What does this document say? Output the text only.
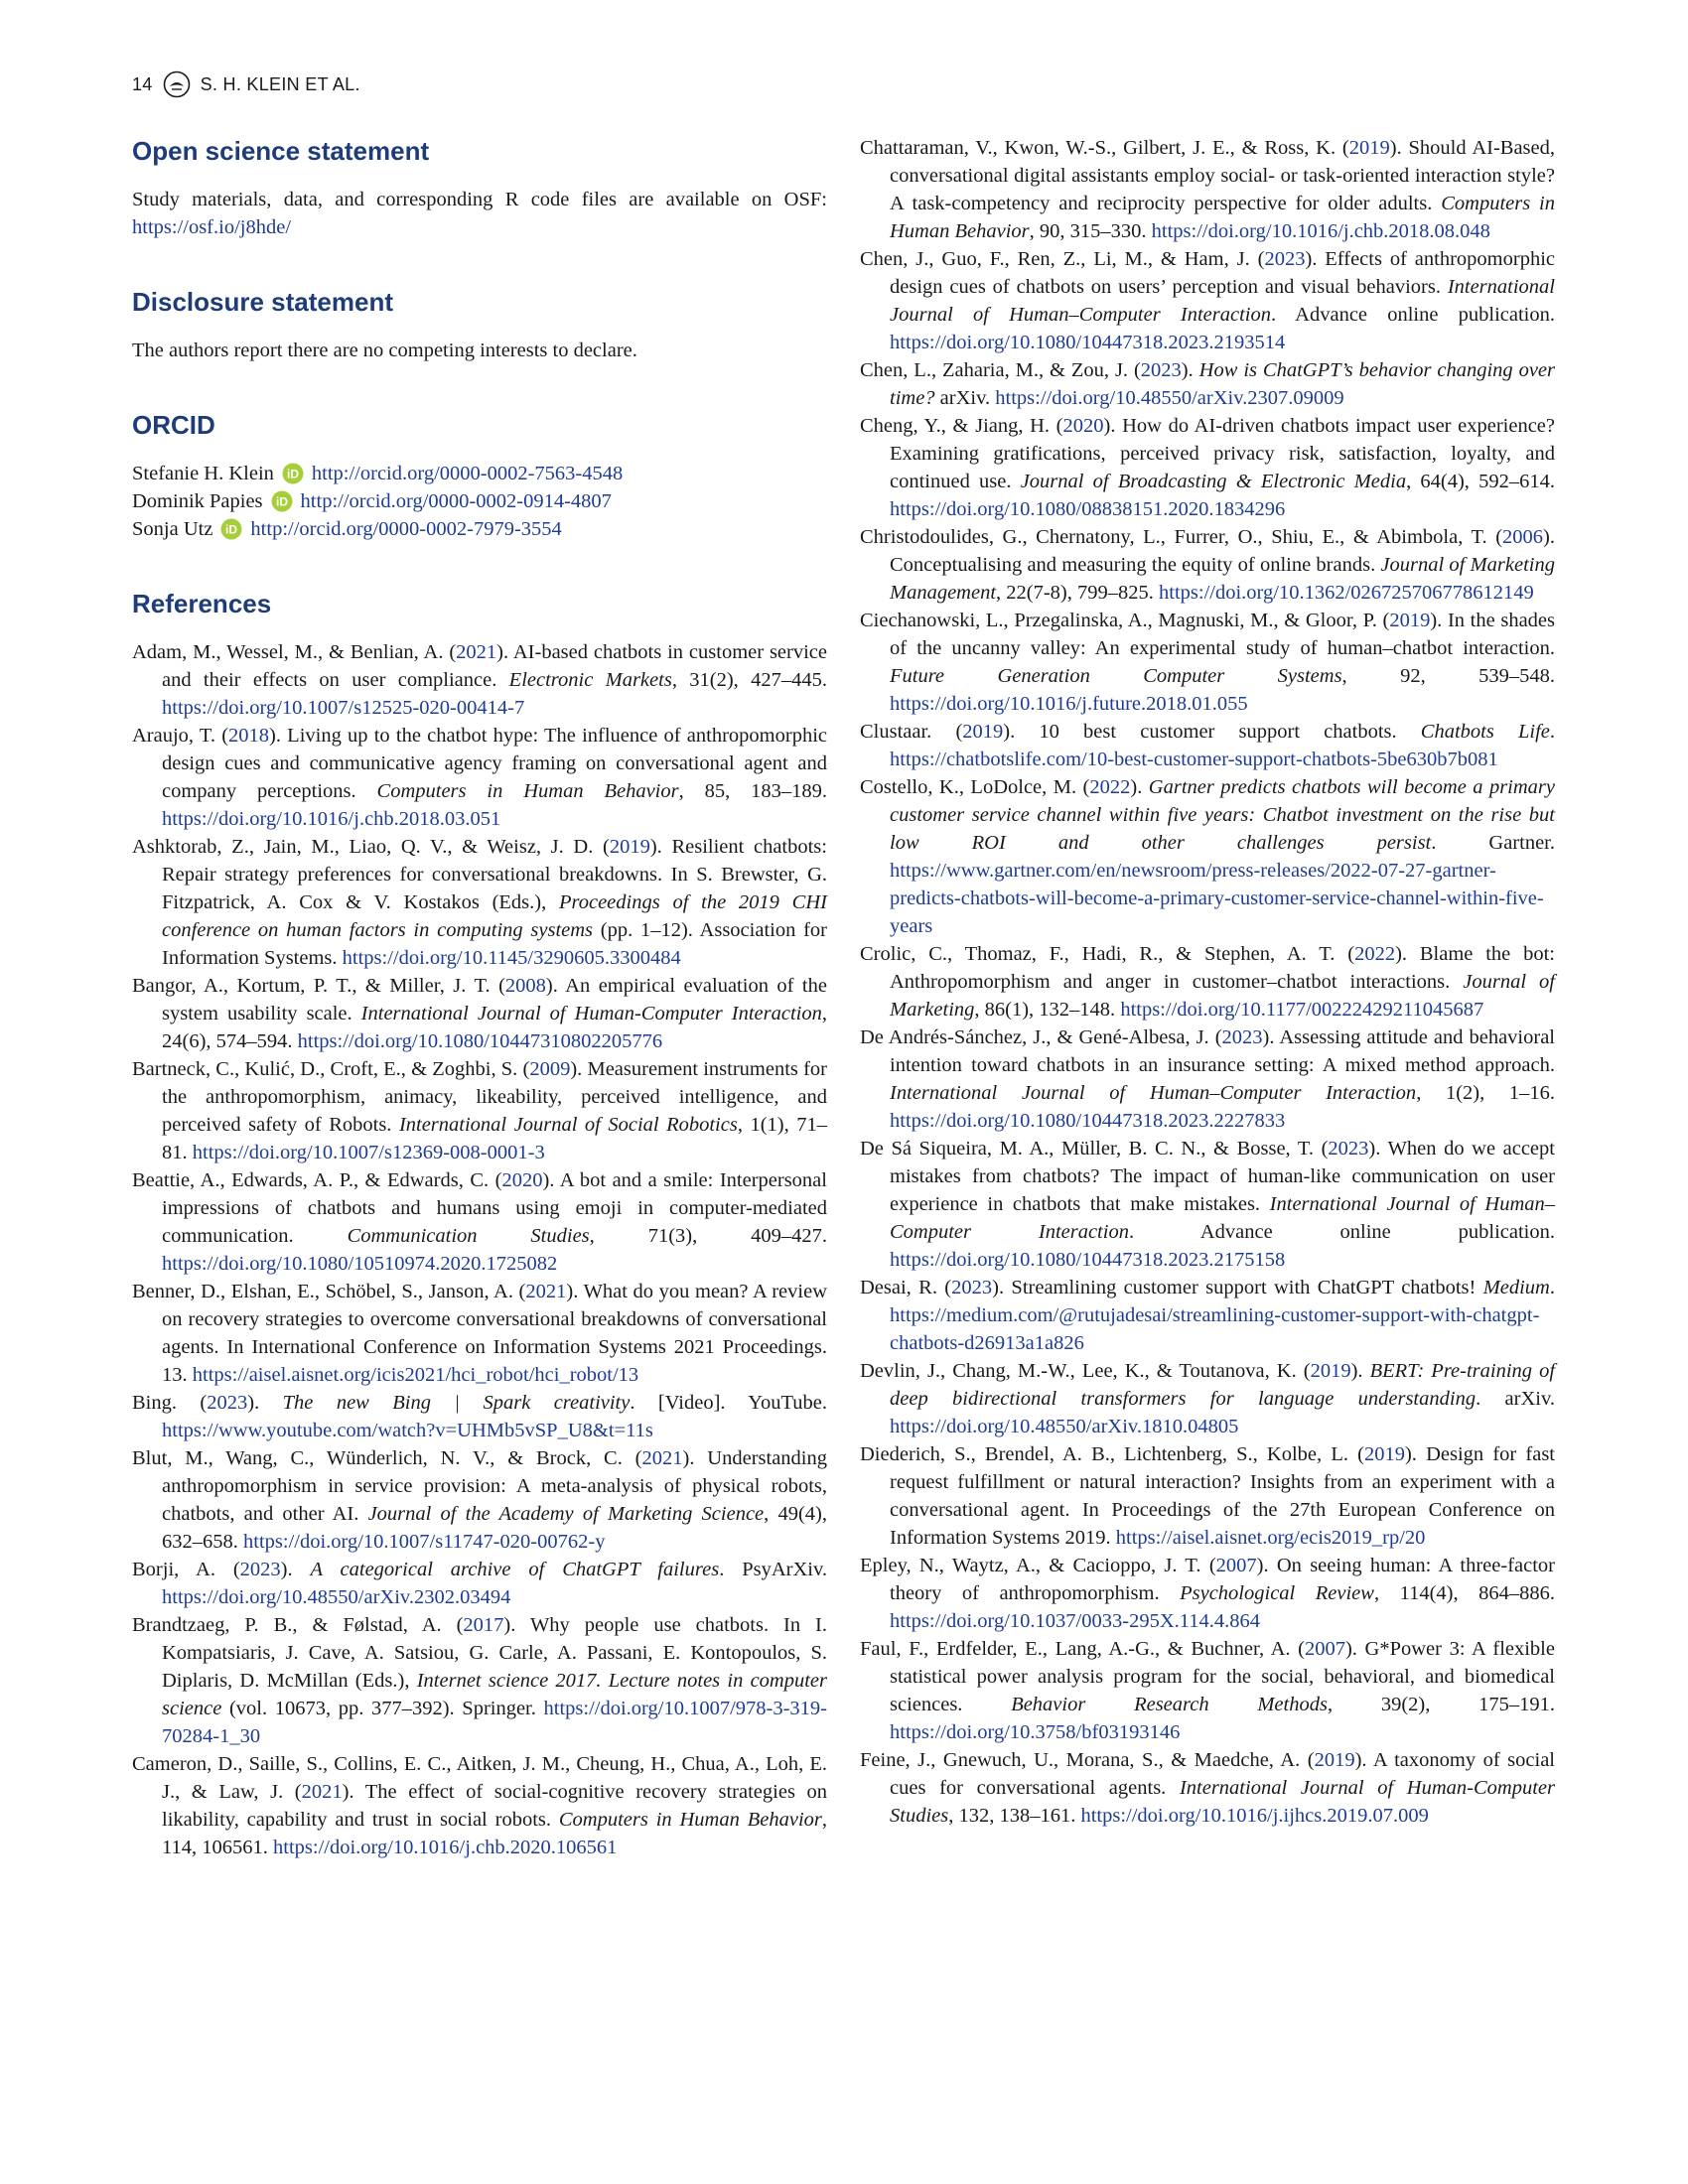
14	S. H. KLEIN ET AL.
Open science statement

Study materials, data, and corresponding R code files are available on OSF: https://osf.io/j8hde/

Disclosure statement

The authors report there are no competing interests to declare.

ORCID
Stefanie H. Klein iD http://orcid.org/0000-0002-7563-4548
Dominik Papies iD http://orcid.org/0000-0002-0914-4807
Sonja Utz iD http://orcid.org/0000-0002-7979-3554
References

Adam, M., Wessel, M., & Benlian, A. (2021). AI-based chatbots in customer service and their effects on user compliance. Electronic Markets, 31(2), 427–445. https://doi.org/10.1007/s12525-020-00414-7

Araujo, T. (2018). Living up to the chatbot hype: The influence of anthropomorphic design cues and communicative agency framing on conversational agent and company perceptions. Computers in Human Behavior, 85, 183–189. https://doi.org/10.1016/j.chb.2018.03.051

Ashktorab, Z., Jain, M., Liao, Q. V., & Weisz, J. D. (2019). Resilient chatbots: Repair strategy preferences for conversational breakdowns. In S. Brewster, G. Fitzpatrick, A. Cox & V. Kostakos (Eds.), Proceedings of the 2019 CHI conference on human factors in computing systems (pp. 1–12). Association for Information Systems. https://doi.org/10.1145/3290605.3300484

Bangor, A., Kortum, P. T., & Miller, J. T. (2008). An empirical evaluation of the system usability scale. International Journal of Human-Computer Interaction, 24(6), 574–594. https://doi.org/10.1080/10447310802205776

Bartneck, C., Kulić, D., Croft, E., & Zoghbi, S. (2009). Measurement instruments for the anthropomorphism, animacy, likeability, perceived intelligence, and perceived safety of Robots. International Journal of Social Robotics, 1(1), 71–81. https://doi.org/10.1007/s12369-008-0001-3

Beattie, A., Edwards, A. P., & Edwards, C. (2020). A bot and a smile: Interpersonal impressions of chatbots and humans using emoji in computer-mediated communication. Communication Studies, 71(3), 409–427. https://doi.org/10.1080/10510974.2020.1725082

Benner, D., Elshan, E., Schöbel, S., Janson, A. (2021). What do you mean? A review on recovery strategies to overcome conversational breakdowns of conversational agents. In International Conference on Information Systems 2021 Proceedings. 13. https://aisel.aisnet.org/icis2021/hci_robot/hci_robot/13

Bing. (2023). The new Bing | Spark creativity. [Video]. YouTube. https://www.youtube.com/watch?v=UHMb5vSP_U8&t=11s

Blut, M., Wang, C., Wünderlich, N. V., & Brock, C. (2021). Understanding anthropomorphism in service provision: A meta-analysis of physical robots, chatbots, and other AI. Journal of the Academy of Marketing Science, 49(4), 632–658. https://doi.org/10.1007/s11747-020-00762-y

Borji, A. (2023). A categorical archive of ChatGPT failures. PsyArXiv. https://doi.org/10.48550/arXiv.2302.03494

Brandtzaeg, P. B., & Følstad, A. (2017). Why people use chatbots. In I. Kompatsiaris, J. Cave, A. Satsiou, G. Carle, A. Passani, E. Kontopoulos, S. Diplaris, D. McMillan (Eds.), Internet science 2017. Lecture notes in computer science (vol. 10673, pp. 377–392). Springer. https://doi.org/10.1007/978-3-319-70284-1_30

Cameron, D., Saille, S., Collins, E. C., Aitken, J. M., Cheung, H., Chua, A., Loh, E. J., & Law, J. (2021). The effect of social-cognitive recovery strategies on likability, capability and trust in social robots. Computers in Human Behavior, 114, 106561. https://doi.org/10.1016/j.chb.2020.106561

Chattaraman, V., Kwon, W.-S., Gilbert, J. E., & Ross, K. (2019). Should AI-Based, conversational digital assistants employ social- or task-oriented interaction style? A task-competency and reciprocity perspective for older adults. Computers in Human Behavior, 90, 315–330. https://doi.org/10.1016/j.chb.2018.08.048

Chen, J., Guo, F., Ren, Z., Li, M., & Ham, J. (2023). Effects of anthropomorphic design cues of chatbots on users’ perception and visual behaviors. International Journal of Human–Computer Interaction. Advance online publication. https://doi.org/10.1080/10447318.2023.2193514

Chen, L., Zaharia, M., & Zou, J. (2023). How is ChatGPT’s behavior changing over time? arXiv. https://doi.org/10.48550/arXiv.2307.09009

Cheng, Y., & Jiang, H. (2020). How do AI-driven chatbots impact user experience? Examining gratifications, perceived privacy risk, satisfaction, loyalty, and continued use. Journal of Broadcasting & Electronic Media, 64(4), 592–614. https://doi.org/10.1080/08838151.2020.1834296

Christodoulides, G., Chernatony, L., Furrer, O., Shiu, E., & Abimbola, T. (2006). Conceptualising and measuring the equity of online brands. Journal of Marketing Management, 22(7-8), 799–825. https://doi.org/10.1362/026725706778612149

Ciechanowski, L., Przegalinska, A., Magnuski, M., & Gloor, P. (2019). In the shades of the uncanny valley: An experimental study of human–chatbot interaction. Future Generation Computer Systems, 92, 539–548. https://doi.org/10.1016/j.future.2018.01.055

Clustaar. (2019). 10 best customer support chatbots. Chatbots Life. https://chatbotslife.com/10-best-customer-support-chatbots-5be630b7b081

Costello, K., LoDolce, M. (2022). Gartner predicts chatbots will become a primary customer service channel within five years: Chatbot investment on the rise but low ROI and other challenges persist. Gartner. https://www.gartner.com/en/newsroom/press-releases/2022-07-27-gartner-predicts-chatbots-will-become-a-primary-customer-service-channel-within-five-years

Crolic, C., Thomaz, F., Hadi, R., & Stephen, A. T. (2022). Blame the bot: Anthropomorphism and anger in customer–chatbot interactions. Journal of Marketing, 86(1), 132–148. https://doi.org/10.1177/00222429211045687

De Andrés-Sánchez, J., & Gené-Albesa, J. (2023). Assessing attitude and behavioral intention toward chatbots in an insurance setting: A mixed method approach. International Journal of Human–Computer Interaction, 1(2), 1–16. https://doi.org/10.1080/10447318.2023.2227833

De Sá Siqueira, M. A., Müller, B. C. N., & Bosse, T. (2023). When do we accept mistakes from chatbots? The impact of human-like communication on user experience in chatbots that make mistakes. International Journal of Human–Computer Interaction. Advance online publication. https://doi.org/10.1080/10447318.2023.2175158

Desai, R. (2023). Streamlining customer support with ChatGPT chatbots! Medium. https://medium.com/@rutujadesai/streamlining-customer-support-with-chatgpt-chatbots-d26913a1a826

Devlin, J., Chang, M.-W., Lee, K., & Toutanova, K. (2019). BERT: Pre-training of deep bidirectional transformers for language understanding. arXiv. https://doi.org/10.48550/arXiv.1810.04805

Diederich, S., Brendel, A. B., Lichtenberg, S., Kolbe, L. (2019). Design for fast request fulfillment or natural interaction? Insights from an experiment with a conversational agent. In Proceedings of the 27th European Conference on Information Systems 2019. https://aisel.aisnet.org/ecis2019_rp/20

Epley, N., Waytz, A., & Cacioppo, J. T. (2007). On seeing human: A three-factor theory of anthropomorphism. Psychological Review, 114(4), 864–886. https://doi.org/10.1037/0033-295X.114.4.864

Faul, F., Erdfelder, E., Lang, A.-G., & Buchner, A. (2007). G*Power 3: A flexible statistical power analysis program for the social, behavioral, and biomedical sciences. Behavior Research Methods, 39(2), 175–191. https://doi.org/10.3758/bf03193146

Feine, J., Gnewuch, U., Morana, S., & Maedche, A. (2019). A taxonomy of social cues for conversational agents. International Journal of Human-Computer Studies, 132, 138–161. https://doi.org/10.1016/j.ijhcs.2019.07.009
